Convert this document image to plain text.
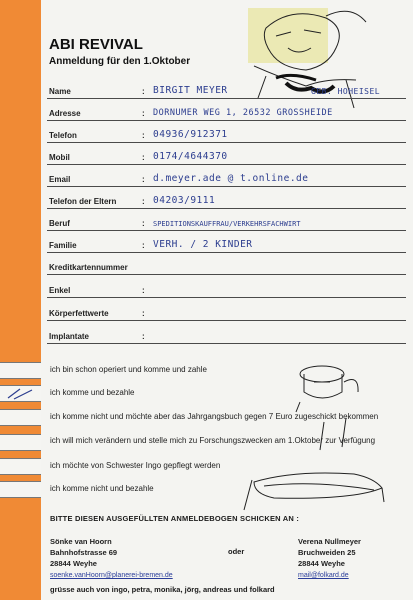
ABI REVIVAL
Anmeldung für den 1.Oktober
Name	: BIRGIT MEYER	GEB. HOHEISEL
Adresse	: DORNUMER WEG 1, 26532 GROSSHEIDE
Telefon	: 04936/912371
Mobil	: 0174/4644370
Email	: d.meyer.ade @ t.online.de
Telefon der Eltern	: 04203/9111
Beruf	: SPEDITIONSKAUFFRAU/VERKEHRSFACHWIRT
Familie	: VERH. / 2 KINDER
Kreditkartennummer
Enkel	:
Körperfettwerte	:
Implantate	:
ich bin schon operiert und komme und zahle
ich komme und bezahle
ich komme nicht und möchte aber das Jahrgangsbuch gegen 7 Euro zugeschickt bekommen
ich will mich verändern und stelle mich zu Forschungszwecken am 1.Oktober zur Verfügung
ich möchte von Schwester Ingo gepflegt werden
ich komme nicht und bezahle
BITTE DIESEN AUSGEFÜLLTEN ANMELDEBOGEN SCHICKEN AN :
Sönke van Hoorn
Bahnhofstrasse 69
28844 Weyhe
soenke.vanHoorn@planerei-bremen.de
oder
Verena Nullmeyer
Bruchweiden 25
28844 Weyhe
mail@folkard.de
grüsse auch von ingo, petra, monika, jörg, andreas und folkard
